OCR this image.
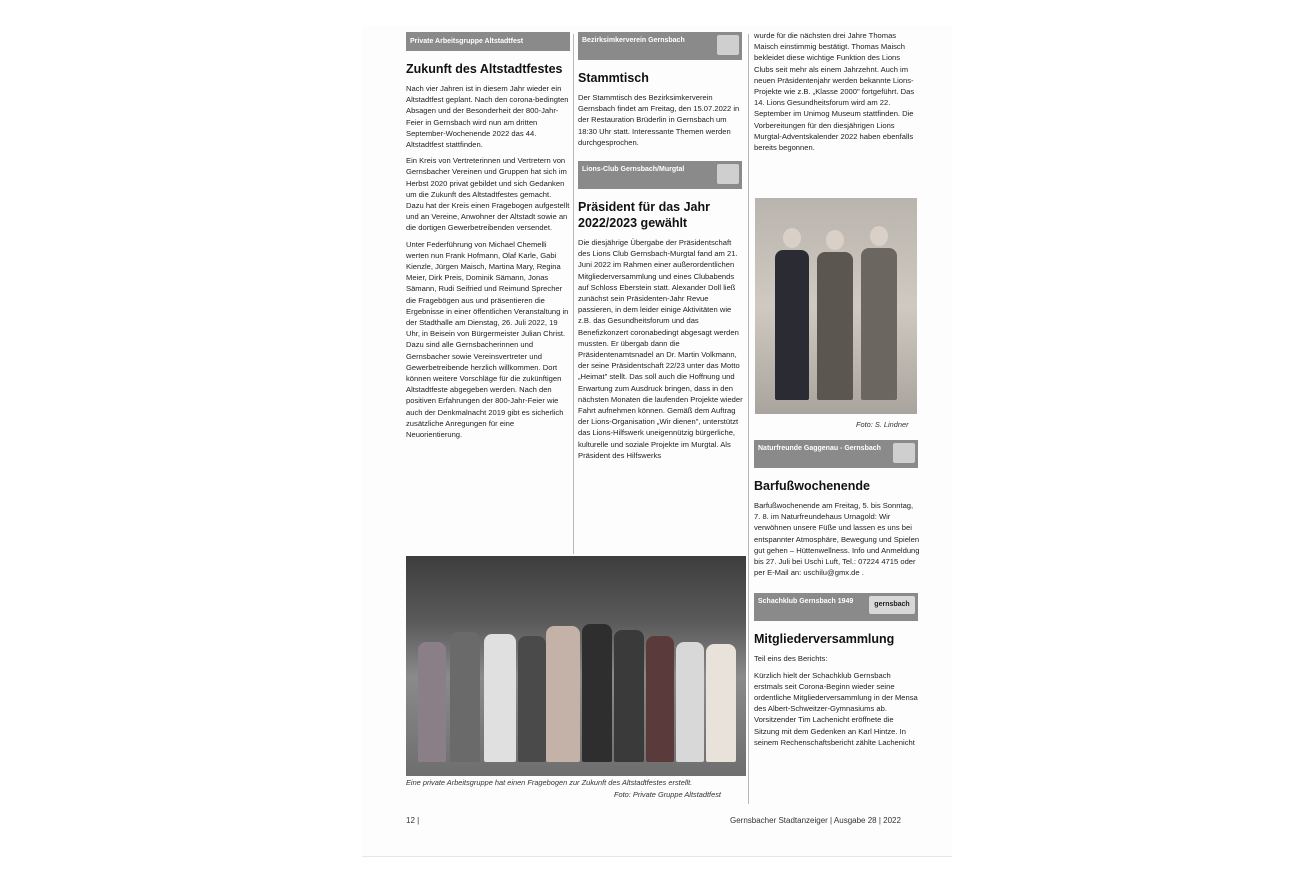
Private Arbeitsgruppe Altstadtfest
Zukunft des Altstadtfestes

Nach vier Jahren ist in diesem Jahr wieder ein Altstadtfest geplant. Nach den corona-bedingten Absagen und der Besonderheit der 800-Jahr-Feier in Gernsbach wird nun am dritten September-Wochenende 2022 das 44. Altstadtfest stattfinden.

Ein Kreis von Vertreterinnen und Vertretern von Gernsbacher Vereinen und Gruppen hat sich im Herbst 2020 privat gebildet und sich Gedanken um die Zukunft des Altstadtfestes gemacht. Dazu hat der Kreis einen Fragebogen aufgestellt und an Vereine, Anwohner der Altstadt sowie an die dortigen Gewerbetreibenden versendet.

Unter Federführung von Michael Chemelli werten nun Frank Hofmann, Olaf Karle, Gabi Kienzle, Jürgen Maisch, Martina Mary, Regina Meier, Dirk Preis, Dominik Sämann, Jonas Sämann, Rudi Seifried und Reimund Sprecher die Fragebögen aus und präsentieren die Ergebnisse in einer öffentlichen Veranstaltung in der Stadthalle am Dienstag, 26. Juli 2022, 19 Uhr, in Beisein von Bürgermeister Julian Christ. Dazu sind alle Gernsbacherinnen und Gernsbacher sowie Vereinsvertreter und Gewerbetreibende herzlich willkommen. Dort können weitere Vorschläge für die zukünftigen Altstadtfeste abgegeben werden. Nach den positiven Erfahrungen der 800-Jahr-Feier wie auch der Denkmalnacht 2019 gibt es sicherlich zusätzliche Anregungen für eine Neuorientierung.

Bezirksimkerverein Gernsbach
Stammtisch

Der Stammtisch des Bezirksimkerverein Gernsbach findet am Freitag, den 15.07.2022 in der Restauration Brüderlin in Gernsbach um 18:30 Uhr statt. Interessante Themen werden durchgesprochen.

Lions-Club Gernsbach/Murgtal
Präsident für das Jahr 2022/2023 gewählt

Die diesjährige Übergabe der Präsidentschaft des Lions Club Gernsbach-Murgtal fand am 21. Juni 2022 im Rahmen einer außerordentlichen Mitgliederversammlung und eines Clubabends auf Schloss Eberstein statt. Alexander Doll ließ zunächst sein Präsidenten-Jahr Revue passieren, in dem leider einige Aktivitäten wie z.B. das Gesundheitsforum und das Benefizkonzert coronabedingt abgesagt werden mussten. Er übergab dann die Präsidentenamtsnadel an Dr. Martin Volkmann, der seine Präsidentschaft 22/23 unter das Motto „Heimat" stellt. Das soll auch die Hoffnung und Erwartung zum Ausdruck bringen, dass in den nächsten Monaten die laufenden Projekte wieder Fahrt aufnehmen können. Gemäß dem Auftrag der Lions-Organisation „Wir dienen", unterstützt das Lions-Hilfswerk uneigennützig bürgerliche, kulturelle und soziale Projekte im Murgtal. Als Präsident des Hilfswerks

wurde für die nächsten drei Jahre Thomas Maisch einstimmig bestätigt. Thomas Maisch bekleidet diese wichtige Funktion des Lions Clubs seit mehr als einem Jahrzehnt. Auch im neuen Präsidentenjahr werden bekannte Lions-Projekte wie z.B. „Klasse 2000" fortgeführt. Das 14. Lions Gesundheitsforum wird am 22. September im Unimog Museum stattfinden. Die Vorbereitungen für den diesjährigen Lions Murgtal-Adventskalender 2022 haben ebenfalls bereits begonnen.

Foto: S. Lindner
Naturfreunde Gaggenau - Gernsbach
Barfußwochenende

Barfußwochenende am Freitag, 5. bis Sonntag, 7. 8. im Naturfreundehaus Urnagold: Wir verwöhnen unsere Füße und lassen es uns bei entspannter Atmosphäre, Bewegung und Spielen gut gehen – Hüttenwellness. Info und Anmeldung bis 27. Juli bei Uschi Luft, Tel.: 07224 4715 oder per E-Mail an: uschilu@gmx.de .

Schachklub Gernsbach 1949	gernsbach
Mitgliederversammlung

Teil eins des Berichts:

Kürzlich hielt der Schachklub Gernsbach erstmals seit Corona-Beginn wieder seine ordentliche Mitgliederversammlung in der Mensa des Albert-Schweitzer-Gymnasiums ab. Vorsitzender Tim Lachenicht eröffnete die Sitzung mit dem Gedenken an Karl Hintze. In seinem Rechenschaftsbericht zählte Lachenicht

Eine private Arbeitsgruppe hat einen Fragebogen zur Zukunft des Altstadtfestes erstellt.
Foto: Private Gruppe Altstadtfest
12 |	Gernsbacher Stadtanzeiger | Ausgabe 28 | 2022
